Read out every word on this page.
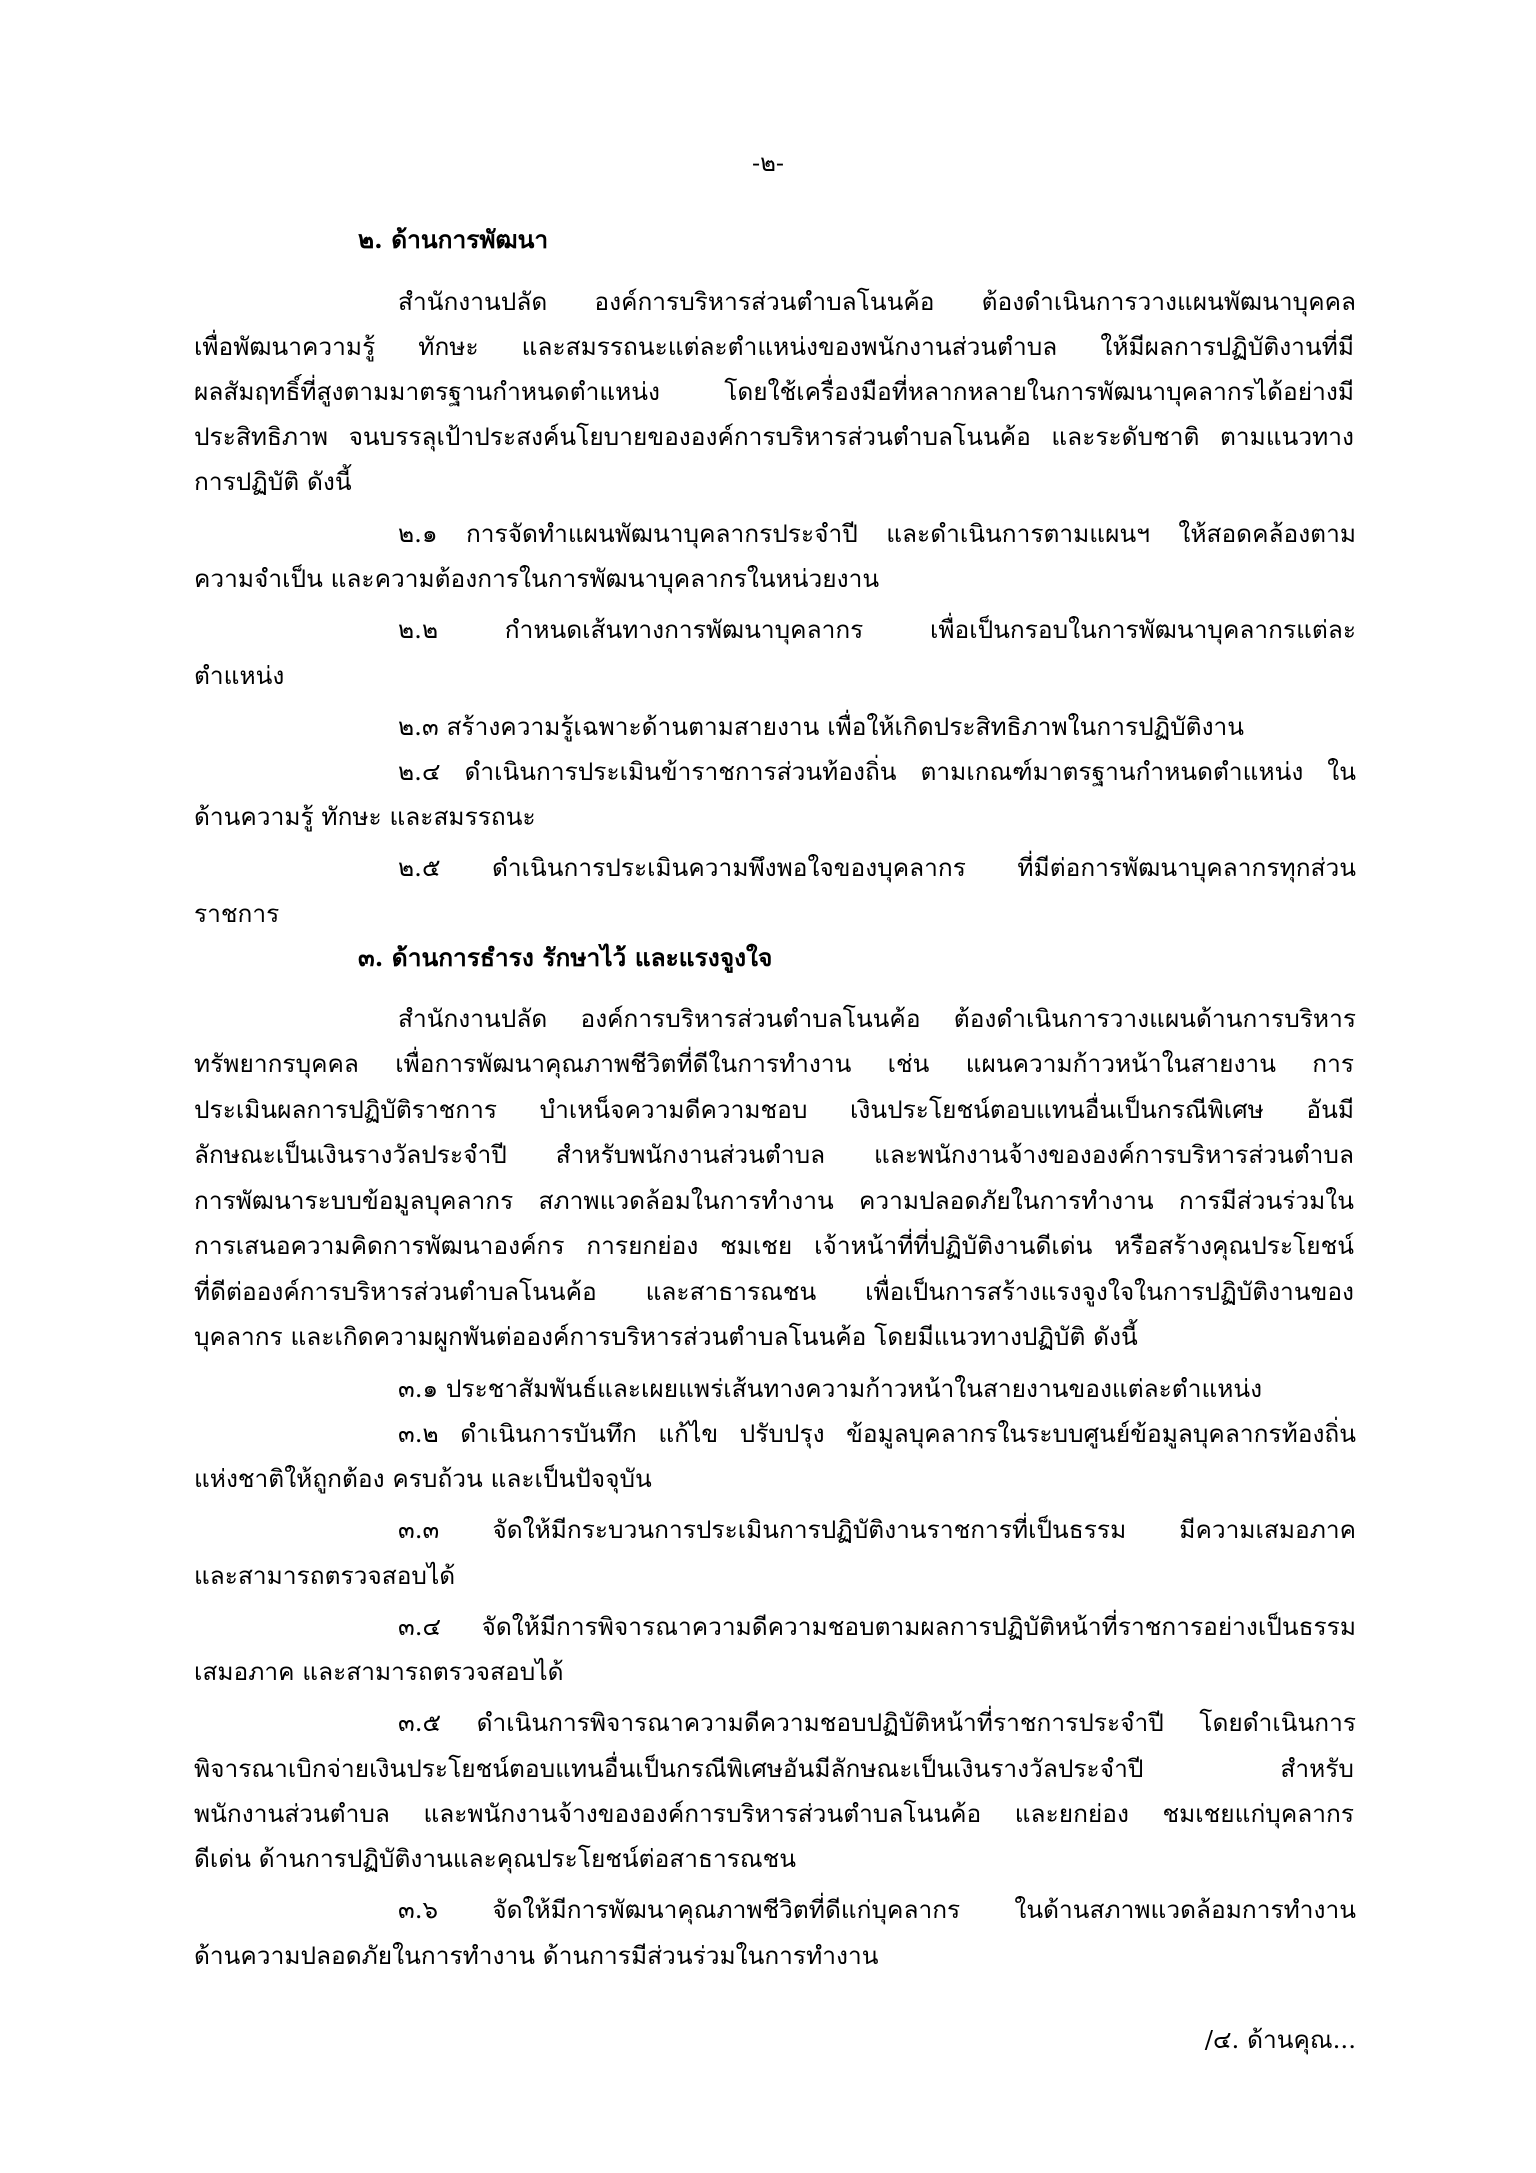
-๒-
๒. ด้านการพัฒนา
สำนักงานปลัด องค์การบริหารส่วนตำบลโนนค้อ ต้องดำเนินการวางแผนพัฒนาบุคคล
เพื่อพัฒนาความรู้ ทักษะ และสมรรถนะแต่ละตำแหน่งของพนักงานส่วนตำบล ให้มีผลการปฏิบัติงานที่มี
ผลสัมฤทธิ์ที่สูงตามมาตรฐานกำหนดตำแหน่ง โดยใช้เครื่องมือที่หลากหลายในการพัฒนาบุคลากรได้อย่างมี
ประสิทธิภาพ จนบรรลุเป้าประสงค์นโยบายขององค์การบริหารส่วนตำบลโนนค้อ และระดับชาติ ตามแนวทาง
การปฏิบัติ ดังนี้
๒.๑ การจัดทำแผนพัฒนาบุคลากรประจำปี และดำเนินการตามแผนฯ ให้สอดคล้องตาม
ความจำเป็น และความต้องการในการพัฒนาบุคลากรในหน่วยงาน
๒.๒ กำหนดเส้นทางการพัฒนาบุคลากร เพื่อเป็นกรอบในการพัฒนาบุคลากรแต่ละ
ตำแหน่ง
๒.๓ สร้างความรู้เฉพาะด้านตามสายงาน เพื่อให้เกิดประสิทธิภาพในการปฏิบัติงาน
๒.๔ ดำเนินการประเมินข้าราชการส่วนท้องถิ่น ตามเกณฑ์มาตรฐานกำหนดตำแหน่ง ใน
ด้านความรู้ ทักษะ และสมรรถนะ
๒.๕ ดำเนินการประเมินความพึงพอใจของบุคลากร ที่มีต่อการพัฒนาบุคลากรทุกส่วน
ราชการ
๓. ด้านการธำรง รักษาไว้ และแรงจูงใจ
สำนักงานปลัด องค์การบริหารส่วนตำบลโนนค้อ ต้องดำเนินการวางแผนด้านการบริหาร
ทรัพยากรบุคคล เพื่อการพัฒนาคุณภาพชีวิตที่ดีในการทำงาน เช่น แผนความก้าวหน้าในสายงาน การ
ประเมินผลการปฏิบัติราชการ บำเหน็จความดีความชอบ เงินประโยชน์ตอบแทนอื่นเป็นกรณีพิเศษ อันมี
ลักษณะเป็นเงินรางวัลประจำปี สำหรับพนักงานส่วนตำบล และพนักงานจ้างขององค์การบริหารส่วนตำบล
การพัฒนาระบบข้อมูลบุคลากร สภาพแวดล้อมในการทำงาน ความปลอดภัยในการทำงาน การมีส่วนร่วมใน
การเสนอความคิดการพัฒนาองค์กร การยกย่อง ชมเชย เจ้าหน้าที่ที่ปฏิบัติงานดีเด่น หรือสร้างคุณประโยชน์
ที่ดีต่อองค์การบริหารส่วนตำบลโนนค้อ และสาธารณชน เพื่อเป็นการสร้างแรงจูงใจในการปฏิบัติงานของ
บุคลากร และเกิดความผูกพันต่อองค์การบริหารส่วนตำบลโนนค้อ โดยมีแนวทางปฏิบัติ ดังนี้
๓.๑ ประชาสัมพันธ์และเผยแพร่เส้นทางความก้าวหน้าในสายงานของแต่ละตำแหน่ง
๓.๒ ดำเนินการบันทึก แก้ไข ปรับปรุง ข้อมูลบุคลากรในระบบศูนย์ข้อมูลบุคลากรท้องถิ่น
แห่งชาติให้ถูกต้อง ครบถ้วน และเป็นปัจจุบัน
๓.๓ จัดให้มีกระบวนการประเมินการปฏิบัติงานราชการที่เป็นธรรม มีความเสมอภาค
และสามารถตรวจสอบได้
๓.๔ จัดให้มีการพิจารณาความดีความชอบตามผลการปฏิบัติหน้าที่ราชการอย่างเป็นธรรม
เสมอภาค และสามารถตรวจสอบได้
๓.๕ ดำเนินการพิจารณาความดีความชอบปฏิบัติหน้าที่ราชการประจำปี โดยดำเนินการ
พิจารณาเบิกจ่ายเงินประโยชน์ตอบแทนอื่นเป็นกรณีพิเศษอันมีลักษณะเป็นเงินรางวัลประจำปี สำหรับ
พนักงานส่วนตำบล และพนักงานจ้างขององค์การบริหารส่วนตำบลโนนค้อ และยกย่อง ชมเชยแก่บุคลากร
ดีเด่น ด้านการปฏิบัติงานและคุณประโยชน์ต่อสาธารณชน
๓.๖ จัดให้มีการพัฒนาคุณภาพชีวิตที่ดีแก่บุคลากร ในด้านสภาพแวดล้อมการทำงาน
ด้านความปลอดภัยในการทำงาน ด้านการมีส่วนร่วมในการทำงาน
/๔. ด้านคุณ...
